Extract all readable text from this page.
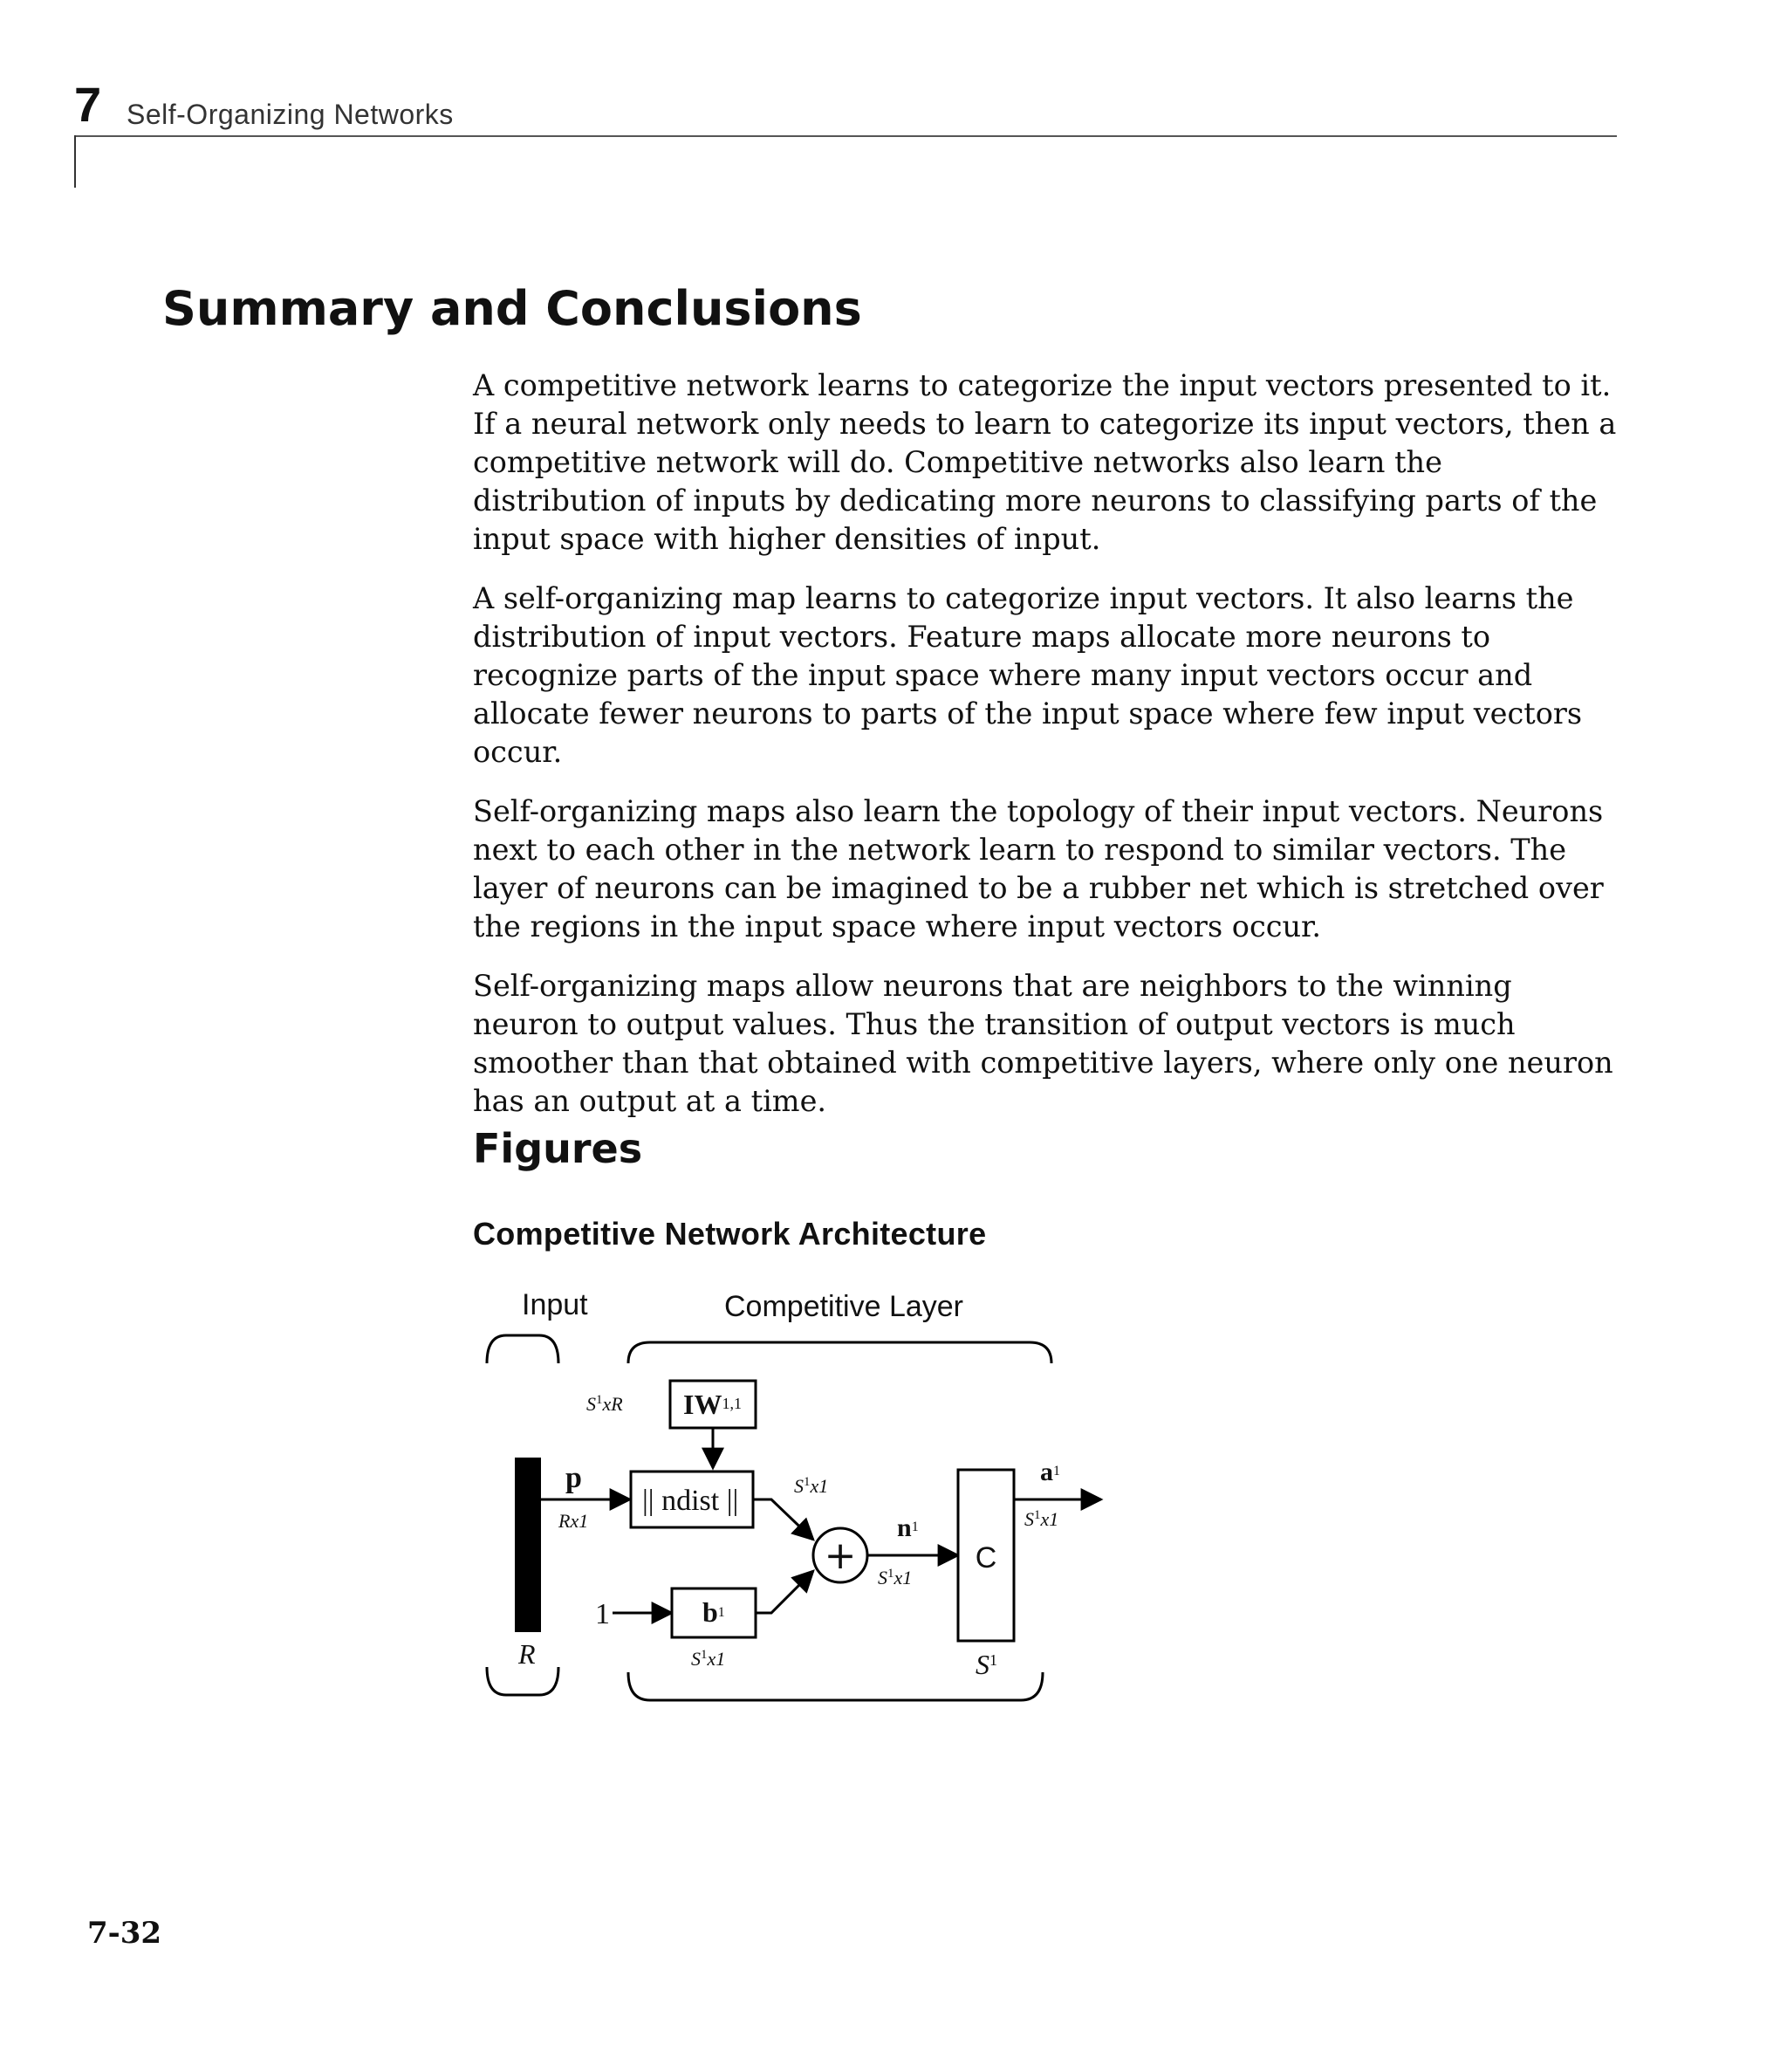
7 Self-Organizing Networks
Summary and Conclusions

A competitive network learns to categorize the input vectors presented to it. If a neural network only needs to learn to categorize its input vectors, then a competitive network will do. Competitive networks also learn the distribution of inputs by dedicating more neurons to classifying parts of the input space with higher densities of input.

A self-organizing map learns to categorize input vectors. It also learns the distribution of input vectors. Feature maps allocate more neurons to recognize parts of the input space where many input vectors occur and allocate fewer neurons to parts of the input space where few input vectors occur.

Self-organizing maps also learn the topology of their input vectors. Neurons next to each other in the network learn to respond to similar vectors. The layer of neurons can be imagined to be a rubber net which is stretched over the regions in the input space where input vectors occur.

Self-organizing maps allow neurons that are neighbors to the winning neuron to output values. Thus the transition of output vectors is much smoother than that obtained with competitive layers, where only one neuron has an output at a time.

Figures
Competitive Network Architecture
Input	Competitive Layer
$S^1xR$ IW1,1
p
Rx1
|| ndist ||	$S^1x1$
1	b1
$S^1x1$
+
$n^1$
$S^1x1$
C
$a^1$
$S^1x1$
R	$S^1$
7-32
